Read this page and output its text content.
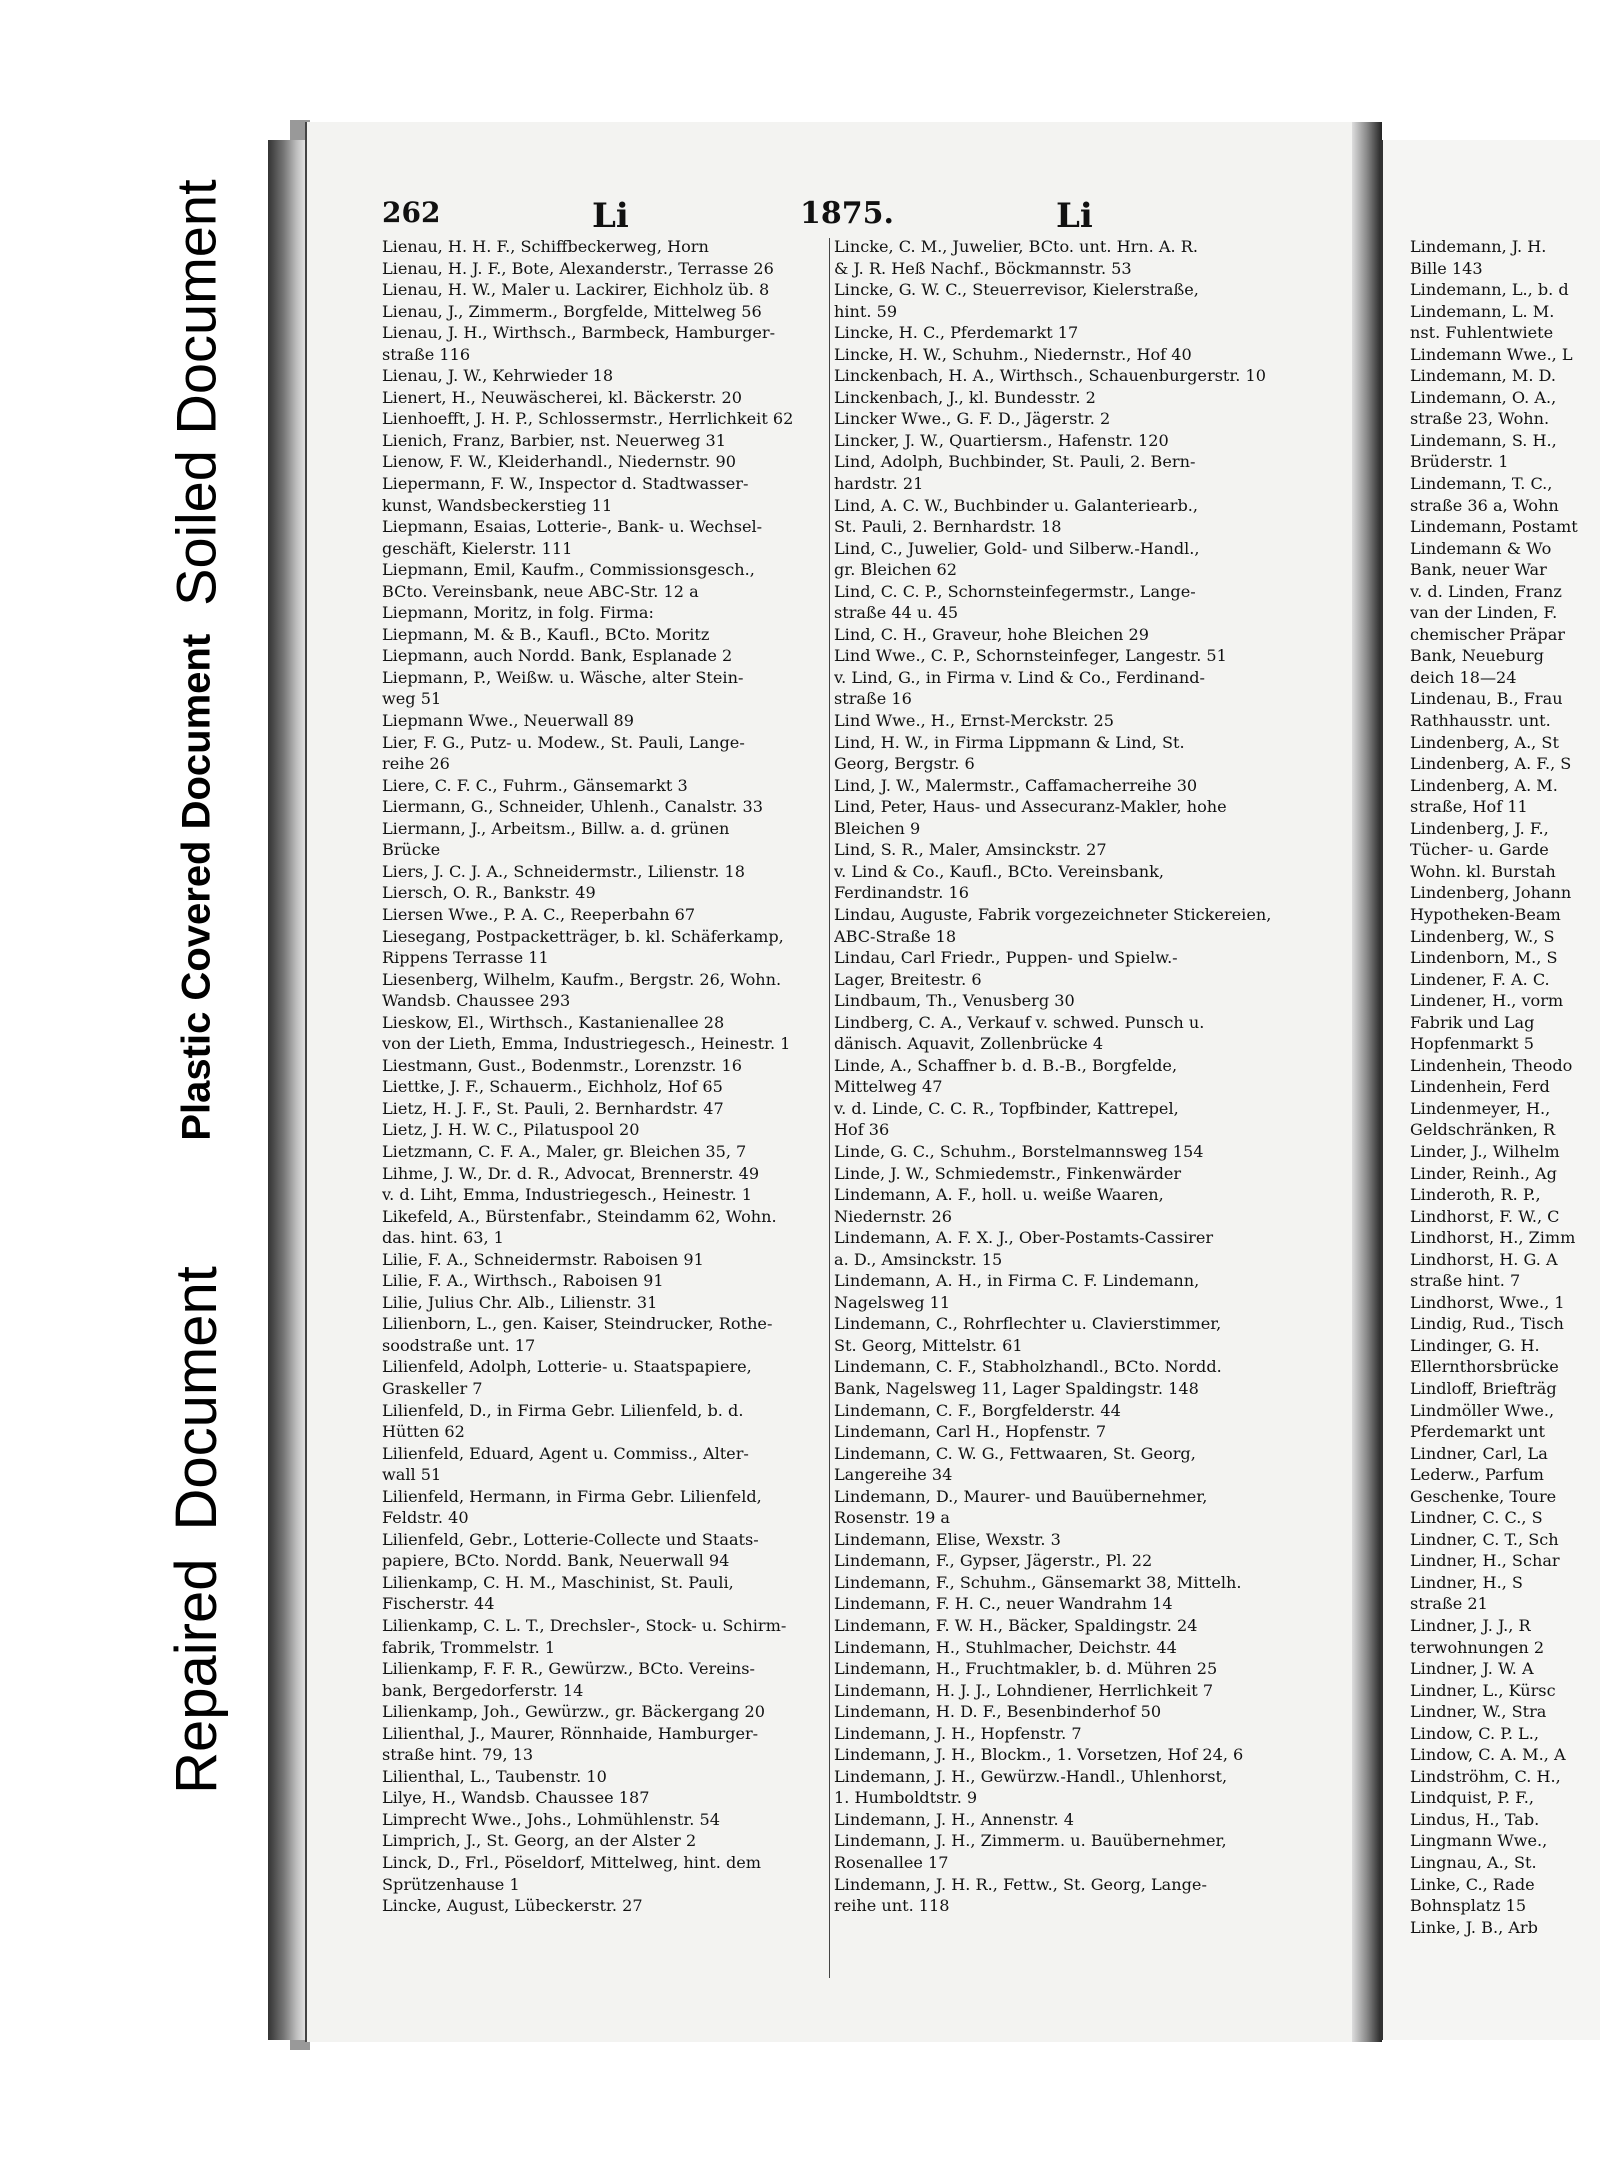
Plastic Covered Document
Soiled Document
Repaired
Document
262	Li	1875.	Li
Lienau, H. H. F., Schiffbeckerweg, Horn
Lienau, H. J. F., Bote, Alexanderstr., Terrasse 26
Lienau, H. W., Maler u. Lackirer, Eichholz üb. 8
Lienau, J., Zimmerm., Borgfelde, Mittelweg 56
Lienau, J. H., Wirthsch., Barmbeck, Hamburger-
straße 116
Lienau, J. W., Kehrwieder 18
Lienert, H., Neuwäscherei, kl. Bäckerstr. 20
Lienhoefft, J. H. P., Schlossermstr., Herrlichkeit 62
Lienich, Franz, Barbier, nst. Neuerweg 31
Lienow, F. W., Kleiderhandl., Niedernstr. 90
Liepermann, F. W., Inspector d. Stadtwasser-
kunst, Wandsbeckerstieg 11
Liepmann, Esaias, Lotterie-, Bank- u. Wechsel-
geschäft, Kielerstr. 111
Liepmann, Emil, Kaufm., Commissionsgesch.,
BCto. Vereinsbank, neue ABC-Str. 12 a
Liepmann, Moritz, in folg. Firma:
Liepmann, M. & B., Kaufl., BCto. Moritz
Liepmann, auch Nordd. Bank, Esplanade 2
Liepmann, P., Weißw. u. Wäsche, alter Stein-
weg 51
Liepmann Wwe., Neuerwall 89
Lier, F. G., Putz- u. Modew., St. Pauli, Lange-
reihe 26
Liere, C. F. C., Fuhrm., Gänsemarkt 3
Liermann, G., Schneider, Uhlenh., Canalstr. 33
Liermann, J., Arbeitsm., Billw. a. d. grünen
Brücke
Liers, J. C. J. A., Schneidermstr., Lilienstr. 18
Liersch, O. R., Bankstr. 49
Liersen Wwe., P. A. C., Reeperbahn 67
Liesegang, Postpacketträger, b. kl. Schäferkamp,
Rippens Terrasse 11
Liesenberg, Wilhelm, Kaufm., Bergstr. 26, Wohn.
Wandsb. Chaussee 293
Lieskow, El., Wirthsch., Kastanienallee 28
von der Lieth, Emma, Industriegesch., Heinestr. 1
Liestmann, Gust., Bodenmstr., Lorenzstr. 16
Liettke, J. F., Schauerm., Eichholz, Hof 65
Lietz, H. J. F., St. Pauli, 2. Bernhardstr. 47
Lietz, J. H. W. C., Pilatuspool 20
Lietzmann, C. F. A., Maler, gr. Bleichen 35, 7
Lihme, J. W., Dr. d. R., Advocat, Brennerstr. 49
v. d. Liht, Emma, Industriegesch., Heinestr. 1
Likefeld, A., Bürstenfabr., Steindamm 62, Wohn.
das. hint. 63, 1
Lilie, F. A., Schneidermstr. Raboisen 91
Lilie, F. A., Wirthsch., Raboisen 91
Lilie, Julius Chr. Alb., Lilienstr. 31
Lilienborn, L., gen. Kaiser, Steindrucker, Rothe-
soodstraße unt. 17
Lilienfeld, Adolph, Lotterie- u. Staatspapiere,
Graskeller 7
Lilienfeld, D., in Firma Gebr. Lilienfeld, b. d.
Hütten 62
Lilienfeld, Eduard, Agent u. Commiss., Alter-
wall 51
Lilienfeld, Hermann, in Firma Gebr. Lilienfeld,
Feldstr. 40
Lilienfeld, Gebr., Lotterie-Collecte und Staats-
papiere, BCto. Nordd. Bank, Neuerwall 94
Lilienkamp, C. H. M., Maschinist, St. Pauli,
Fischerstr. 44
Lilienkamp, C. L. T., Drechsler-, Stock- u. Schirm-
fabrik, Trommelstr. 1
Lilienkamp, F. F. R., Gewürzw., BCto. Vereins-
bank, Bergedorferstr. 14
Lilienkamp, Joh., Gewürzw., gr. Bäckergang 20
Lilienthal, J., Maurer, Rönnhaide, Hamburger-
straße hint. 79, 13
Lilienthal, L., Taubenstr. 10
Lilye, H., Wandsb. Chaussee 187
Limprecht Wwe., Johs., Lohmühlenstr. 54
Limprich, J., St. Georg, an der Alster 2
Linck, D., Frl., Pöseldorf, Mittelweg, hint. dem
Sprützenhause 1
Lincke, August, Lübeckerstr. 27
Lincke, C. M., Juwelier, BCto. unt. Hrn. A. R.
& J. R. Heß Nachf., Böckmannstr. 53
Lincke, G. W. C., Steuerrevisor, Kielerstraße,
hint. 59
Lincke, H. C., Pferdemarkt 17
Lincke, H. W., Schuhm., Niedernstr., Hof 40
Linckenbach, H. A., Wirthsch., Schauenburgerstr. 10
Linckenbach, J., kl. Bundesstr. 2
Lincker Wwe., G. F. D., Jägerstr. 2
Lincker, J. W., Quartiersm., Hafenstr. 120
Lind, Adolph, Buchbinder, St. Pauli, 2. Bern-
hardstr. 21
Lind, A. C. W., Buchbinder u. Galanteriearb.,
St. Pauli, 2. Bernhardstr. 18
Lind, C., Juwelier, Gold- und Silberw.-Handl.,
gr. Bleichen 62
Lind, C. C. P., Schornsteinfegermstr., Lange-
straße 44 u. 45
Lind, C. H., Graveur, hohe Bleichen 29
Lind Wwe., C. P., Schornsteinfeger, Langestr. 51
v. Lind, G., in Firma v. Lind & Co., Ferdinand-
straße 16
Lind Wwe., H., Ernst-Merckstr. 25
Lind, H. W., in Firma Lippmann & Lind, St.
Georg, Bergstr. 6
Lind, J. W., Malermstr., Caffamacherreihe 30
Lind, Peter, Haus- und Assecuranz-Makler, hohe
Bleichen 9
Lind, S. R., Maler, Amsinckstr. 27
v. Lind & Co., Kaufl., BCto. Vereinsbank,
Ferdinandstr. 16
Lindau, Auguste, Fabrik vorgezeichneter Stickereien,
ABC-Straße 18
Lindau, Carl Friedr., Puppen- und Spielw.-
Lager, Breitestr. 6
Lindbaum, Th., Venusberg 30
Lindberg, C. A., Verkauf v. schwed. Punsch u.
dänisch. Aquavit, Zollenbrücke 4
Linde, A., Schaffner b. d. B.-B., Borgfelde,
Mittelweg 47
v. d. Linde, C. C. R., Topfbinder, Kattrepel,
Hof 36
Linde, G. C., Schuhm., Borstelmannsweg 154
Linde, J. W., Schmiedemstr., Finkenwärder
Lindemann, A. F., holl. u. weiße Waaren,
Niedernstr. 26
Lindemann, A. F. X. J., Ober-Postamts-Cassirer
a. D., Amsinckstr. 15
Lindemann, A. H., in Firma C. F. Lindemann,
Nagelsweg 11
Lindemann, C., Rohrflechter u. Clavierstimmer,
St. Georg, Mittelstr. 61
Lindemann, C. F., Stabholzhandl., BCto. Nordd.
Bank, Nagelsweg 11, Lager Spaldingstr. 148
Lindemann, C. F., Borgfelderstr. 44
Lindemann, Carl H., Hopfenstr. 7
Lindemann, C. W. G., Fettwaaren, St. Georg,
Langereihe 34
Lindemann, D., Maurer- und Bauübernehmer,
Rosenstr. 19 a
Lindemann, Elise, Wexstr. 3
Lindemann, F., Gypser, Jägerstr., Pl. 22
Lindemann, F., Schuhm., Gänsemarkt 38, Mittelh.
Lindemann, F. H. C., neuer Wandrahm 14
Lindemann, F. W. H., Bäcker, Spaldingstr. 24
Lindemann, H., Stuhlmacher, Deichstr. 44
Lindemann, H., Fruchtmakler, b. d. Mühren 25
Lindemann, H. J. J., Lohndiener, Herrlichkeit 7
Lindemann, H. D. F., Besenbinderhof 50
Lindemann, J. H., Hopfenstr. 7
Lindemann, J. H., Blockm., 1. Vorsetzen, Hof 24, 6
Lindemann, J. H., Gewürzw.-Handl., Uhlenhorst,
1. Humboldtstr. 9
Lindemann, J. H., Annenstr. 4
Lindemann, J. H., Zimmerm. u. Bauübernehmer,
Rosenallee 17
Lindemann, J. H. R., Fettw., St. Georg, Lange-
reihe unt. 118
Lindemann, J. H.
Bille 143
Lindemann, L., b. d
Lindemann, L. M.
nst. Fuhlentwiete
Lindemann Wwe., L
Lindemann, M. D.
Lindemann, O. A.,
straße 23, Wohn.
Lindemann, S. H.,
Brüderstr. 1
Lindemann, T. C.,
straße 36 a, Wohn
Lindemann, Postamt
Lindemann & Wo
Bank, neuer War
v. d. Linden, Franz
van der Linden, F.
chemischer Präpar
Bank, Neueburg
deich 18—24
Lindenau, B., Frau
Rathhausstr. unt.
Lindenberg, A., St
Lindenberg, A. F., S
Lindenberg, A. M.
straße, Hof 11
Lindenberg, J. F.,
Tücher- u. Garde
Wohn. kl. Burstah
Lindenberg, Johann
Hypotheken-Beam
Lindenberg, W., S
Lindenborn, M., S
Lindener, F. A. C.
Lindener, H., vorm
Fabrik und Lag
Hopfenmarkt 5
Lindenhein, Theodo
Lindenhein, Ferd
Lindenmeyer, H.,
Geldschränken, R
Linder, J., Wilhelm
Linder, Reinh., Ag
Linderoth, R. P.,
Lindhorst, F. W., C
Lindhorst, H., Zimm
Lindhorst, H. G. A
straße hint. 7
Lindhorst, Wwe., 1
Lindig, Rud., Tisch
Lindinger, G. H.
Ellernthorsbrücke
Lindloff, Briefträg
Lindmöller Wwe.,
Pferdemarkt unt
Lindner, Carl, La
Lederw., Parfum
Geschenke, Toure
Lindner, C. C., S
Lindner, C. T., Sch
Lindner, H., Schar
Lindner, H., S
straße 21
Lindner, J. J., R
terwohnungen 2
Lindner, J. W. A
Lindner, L., Kürsc
Lindner, W., Stra
Lindow, C. P. L.,
Lindow, C. A. M., A
Lindströhm, C. H.,
Lindquist, P. F.,
Lindus, H., Tab.
Lingmann Wwe.,
Lingnau, A., St.
Linke, C., Rade
Bohnsplatz 15
Linke, J. B., Arb
